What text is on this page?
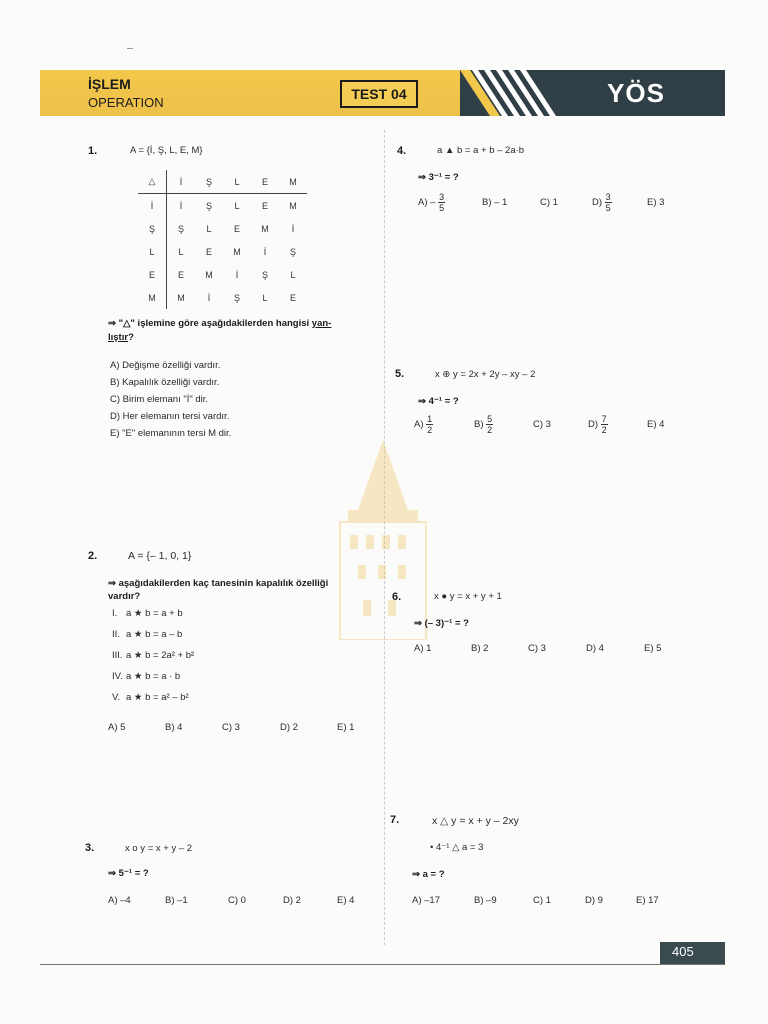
İŞLEM
OPERATION
TEST 04	YÖS
1.	A = {İ, Ş, L, E, M}
△	İ	Ş	L	E	M
İ	İ	Ş	L	E	M
Ş	Ş	L	E	M	İ
L	L	E	M	İ	Ş
E	E	M	İ	Ş	L
M	M	İ	Ş	L	E
⇒ "△" işlemine göre aşağıdakilerden hangisi yan-
lıştır?
A) Değişme özelliği vardır.
B) Kapalılık özelliği vardır.
C) Birim elemanı "İ" dir.
D) Her elemanın tersi vardır.
E) "E" elemanının tersi M dir.
2.	A = {– 1, 0, 1}
⇒ aşağıdakilerden kaç tanesinin kapalılık özelliği
vardır?
I. a ★ b = a + b
II. a ★ b = a – b
III. a ★ b = 2a² + b²
IV. a ★ b = a · b
V. a ★ b = a² – b²
A) 5	B) 4	C) 3	D) 2	E) 1
3.	x o y = x + y – 2
⇒ 5⁻¹ = ?
A) –4	B) –1	C) 0	D) 2	E) 4
4.	a ▲ b = a + b – 2a·b
⇒ 3⁻¹ = ?
$A) - \frac{3}{5}$	B) – 1	C) 1	$D) \frac{3}{5}$	E) 3
5.	x ⊕ y = 2x + 2y – xy – 2
⇒ 4⁻¹ = ?
$A) \frac{1}{2}$	$B) \frac{5}{2}$	C) 3	$D) \frac{7}{2}$	E) 4
6.	x ● y = x + y + 1
⇒ (– 3)⁻¹ = ?
A) 1	B) 2	C) 3	D) 4	E) 5
7.	x △ y = x + y – 2xy
• 4⁻¹ △ a = 3
⇒ a = ?
A) –17	B) –9	C) 1	D) 9	E) 17
405
